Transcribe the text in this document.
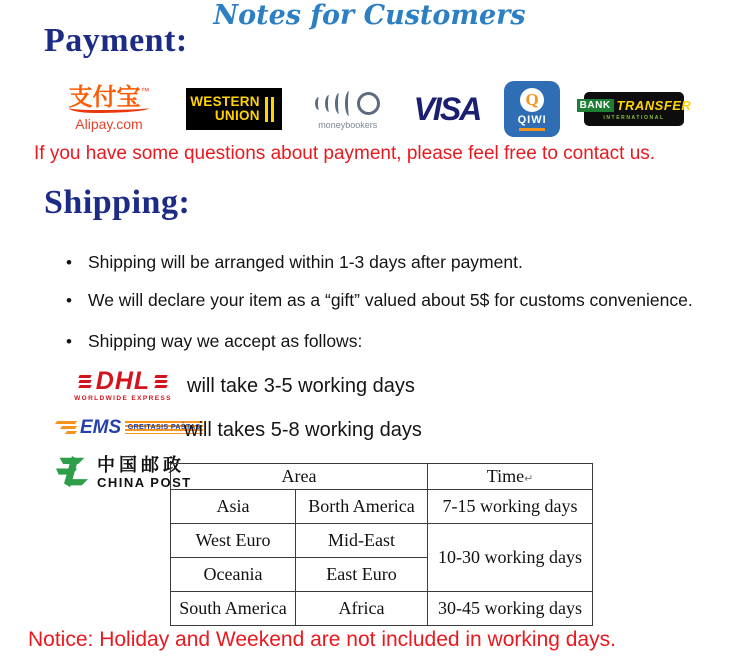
Notes for Customers
Payment:
支付宝™
Alipay.com
WESTERN
UNION
moneybookers VISA	Q
QIWI
BANK TRANSFER
INTERNATIONAL
If you have some questions about payment, please feel free to contact us.
Shipping:
• Shipping will be arranged within 1-3 days after payment.
• We will declare your item as a “gift” valued about 5$ for customs convenience.
• Shipping way we accept as follows:
DHL
WORLDWIDE EXPRESS
will take 3-5 working days
EMS GREITASIS PAŠTAS
will takes 5-8 working days
中国邮政
CHINA POST	Area		Time↵
Asia	Borth America	7-15 working days
West Euro	Mid-East	10-30 working days
Oceania	East Euro	
South America	Africa	30-45 working days
Notice: Holiday and Weekend are not included in working days.
